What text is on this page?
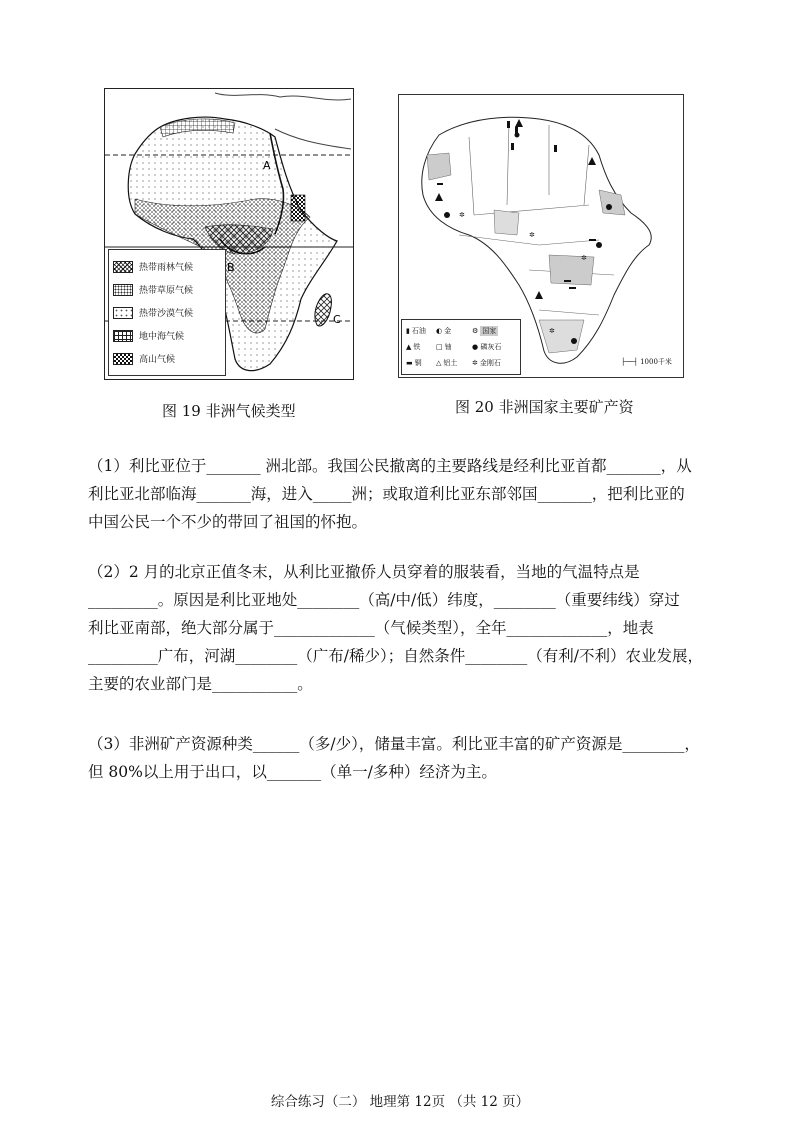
A
B
C
热带雨林气候
热带草原气候
热带沙漠气候
地中海气候
高山气候
图 19 非洲气候类型
✲
✲
✲
✲
▮ 石油 ◐ 金	⚙ 国家
▲ 铁 □ 铀	● 磷灰石
▬ 铜 △ 铝土 ✲ 金刚石	├──┤ 1000千米
图 20 非洲国家主要矿产资
（1）利比亚位于_______ 洲北部。我国公民撤离的主要路线是经利比亚首都_______，从
利比亚北部临海_______海，进入_____洲；或取道利比亚东部邻国_______，把利比亚的
中国公民一个不少的带回了祖国的怀抱。
（2）2 月的北京正值冬末，从利比亚撤侨人员穿着的服装看，当地的气温特点是
_________。原因是利比亚地处________（高/中/低）纬度，________（重要纬线）穿过
利比亚南部，绝大部分属于_____________（气候类型），全年_____________，地表
_________广布，河湖________（广布/稀少）；自然条件________（有利/不利）农业发展，
主要的农业部门是___________。
（3）非洲矿产资源种类______（多/少），储量丰富。利比亚丰富的矿产资源是________，
但 80%以上用于出口，以_______（单一/多种）经济为主。
综合练习（二） 地理第 12页 （共 12 页）
